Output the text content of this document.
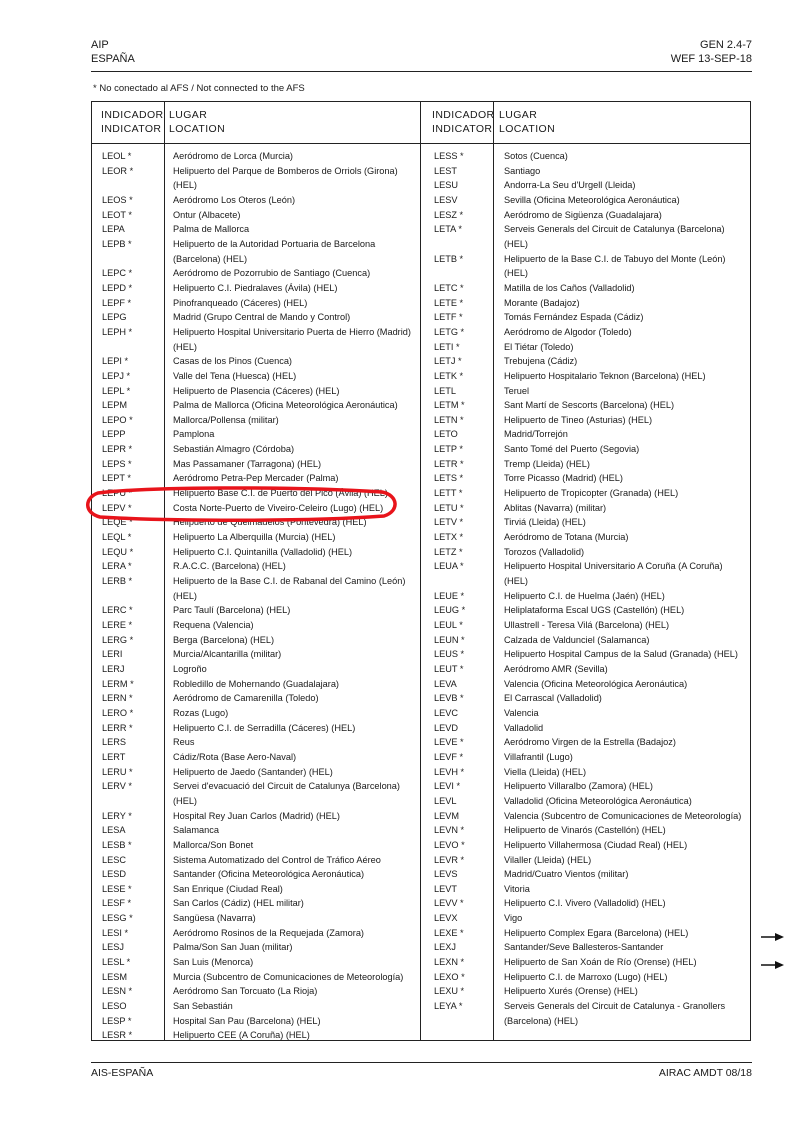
AIP
ESPAÑA
GEN 2.4-7
WEF 13-SEP-18
* No conectado al AFS / Not connected to the AFS
INDICADOR
INDICATOR
LUGAR
LOCATION
INDICADOR
INDICATOR
LUGAR
LOCATION
LEOL *	Aeródromo de Lorca (Murcia)
LEOR *	Helipuerto del Parque de Bomberos de Orriols (Girona) (HEL)
LEOS *	Aeródromo Los Oteros (León)
LEOT *	Ontur (Albacete)
LEPA	Palma de Mallorca
LEPB *	Helipuerto de la Autoridad Portuaria de Barcelona (Barcelona) (HEL)
LEPC *	Aeródromo de Pozorrubio de Santiago (Cuenca)
LEPD *	Helipuerto C.I. Piedralaves (Ávila) (HEL)
LEPF *	Pinofranqueado (Cáceres) (HEL)
LEPG	Madrid (Grupo Central de Mando y Control)
LEPH *	Helipuerto Hospital Universitario Puerta de Hierro (Madrid) (HEL)
LEPI *	Casas de los Pinos (Cuenca)
LEPJ *	Valle del Tena (Huesca) (HEL)
LEPL *	Helipuerto de Plasencia (Cáceres) (HEL)
LEPM	Palma de Mallorca (Oficina Meteorológica Aeronáutica)
LEPO *	Mallorca/Pollensa (militar)
LEPP	Pamplona
LEPR *	Sebastián Almagro (Córdoba)
LEPS *	Mas Passamaner (Tarragona) (HEL)
LEPT *	Aeródromo Petra-Pep Mercader (Palma)
LEPU *	Helipuerto Base C.I. de Puerto del Pico (Ávila) (HEL)
LEPV *	Costa Norte-Puerto de Viveiro-Celeiro (Lugo) (HEL)
LEQE *	Helipuerto de Queimadelos (Pontevedra) (HEL)
LEQL *	Helipuerto La Alberquilla (Murcia) (HEL)
LEQU *	Helipuerto C.I. Quintanilla (Valladolid) (HEL)
LERA *	R.A.C.C. (Barcelona) (HEL)
LERB *	Helipuerto de la Base C.I. de Rabanal del Camino (León) (HEL)
LERC *	Parc Taulí (Barcelona) (HEL)
LERE *	Requena (Valencia)
LERG *	Berga (Barcelona) (HEL)
LERI	Murcia/Alcantarilla (militar)
LERJ	Logroño
LERM *	Robledillo de Mohernando (Guadalajara)
LERN *	Aeródromo de Camarenilla (Toledo)
LERO *	Rozas (Lugo)
LERR *	Helipuerto C.I. de Serradilla (Cáceres) (HEL)
LERS	Reus
LERT	Cádiz/Rota (Base Aero-Naval)
LERU *	Helipuerto de Jaedo (Santander) (HEL)
LERV *	Servei d'evacuació del Circuit de Catalunya (Barcelona) (HEL)
LERY *	Hospital Rey Juan Carlos (Madrid) (HEL)
LESA	Salamanca
LESB *	Mallorca/Son Bonet
LESC	Sistema Automatizado del Control de Tráfico Aéreo
LESD	Santander (Oficina Meteorológica Aeronáutica)
LESE *	San Enrique (Ciudad Real)
LESF *	San Carlos (Cádiz) (HEL militar)
LESG *	Sangüesa (Navarra)
LESI *	Aeródromo Rosinos de la Requejada (Zamora)
LESJ	Palma/Son San Juan (militar)
LESL *	San Luis (Menorca)
LESM	Murcia (Subcentro de Comunicaciones de Meteorología)
LESN *	Aeródromo San Torcuato (La Rioja)
LESO	San Sebastián
LESP *	Hospital San Pau (Barcelona) (HEL)
LESR *	Helipuerto CEE (A Coruña) (HEL)
LESS *	Sotos (Cuenca)
LEST	Santiago
LESU	Andorra-La Seu d'Urgell (Lleida)
LESV	Sevilla (Oficina Meteorológica Aeronáutica)
LESZ *	Aeródromo de Sigüenza (Guadalajara)
LETA *	Serveis Generals del Circuit de Catalunya (Barcelona) (HEL)
LETB *	Helipuerto de la Base C.I. de Tabuyo del Monte (León) (HEL)
LETC *	Matilla de los Caños (Valladolid)
LETE *	Morante (Badajoz)
LETF *	Tomás Fernández Espada (Cádiz)
LETG *	Aeródromo de Algodor (Toledo)
LETI *	El Tiétar (Toledo)
LETJ *	Trebujena (Cádiz)
LETK *	Helipuerto Hospitalario Teknon (Barcelona) (HEL)
LETL	Teruel
LETM *	Sant Martí de Sescorts (Barcelona) (HEL)
LETN *	Helipuerto de Tineo (Asturias) (HEL)
LETO	Madrid/Torrejón
LETP *	Santo Tomé del Puerto (Segovia)
LETR *	Tremp (Lleida) (HEL)
LETS *	Torre Picasso (Madrid) (HEL)
LETT *	Helipuerto de Tropicopter (Granada) (HEL)
LETU *	Ablitas (Navarra) (militar)
LETV *	Tirviá (Lleida) (HEL)
LETX *	Aeródromo de Totana (Murcia)
LETZ *	Torozos (Valladolid)
LEUA *	Helipuerto Hospital Universitario A Coruña (A Coruña) (HEL)
LEUE *	Helipuerto C.I. de Huelma (Jaén) (HEL)
LEUG *	Heliplataforma Escal UGS (Castellón) (HEL)
LEUL *	Ullastrell - Teresa Vilá (Barcelona) (HEL)
LEUN *	Calzada de Valdunciel (Salamanca)
LEUS *	Helipuerto Hospital Campus de la Salud (Granada) (HEL)
LEUT *	Aeródromo AMR (Sevilla)
LEVA	Valencia (Oficina Meteorológica Aeronáutica)
LEVB *	El Carrascal (Valladolid)
LEVC	Valencia
LEVD	Valladolid
LEVE *	Aeródromo Virgen de la Estrella (Badajoz)
LEVF *	Villafrantil (Lugo)
LEVH *	Viella (Lleida) (HEL)
LEVI *	Helipuerto Villaralbo (Zamora) (HEL)
LEVL	Valladolid (Oficina Meteorológica Aeronáutica)
LEVM	Valencia (Subcentro de Comunicaciones de Meteorología)
LEVN *	Helipuerto de Vinarós (Castellón) (HEL)
LEVO *	Helipuerto Villahermosa (Ciudad Real) (HEL)
LEVR *	Vilaller (Lleida) (HEL)
LEVS	Madrid/Cuatro Vientos (militar)
LEVT	Vitoria
LEVV *	Helipuerto C.I. Vivero (Valladolid) (HEL)
LEVX	Vigo
LEXE *	Helipuerto Complex Egara (Barcelona) (HEL)
LEXJ	Santander/Seve Ballesteros-Santander
LEXN *	Helipuerto de San Xoán de Río (Orense) (HEL)
LEXO *	Helipuerto C.I. de Marroxo (Lugo) (HEL)
LEXU *	Helipuerto Xurés (Orense) (HEL)
LEYA *	Serveis Generals del Circuit de Catalunya - Granollers (Barcelona) (HEL)
AIS-ESPAÑA	AIRAC AMDT 08/18
